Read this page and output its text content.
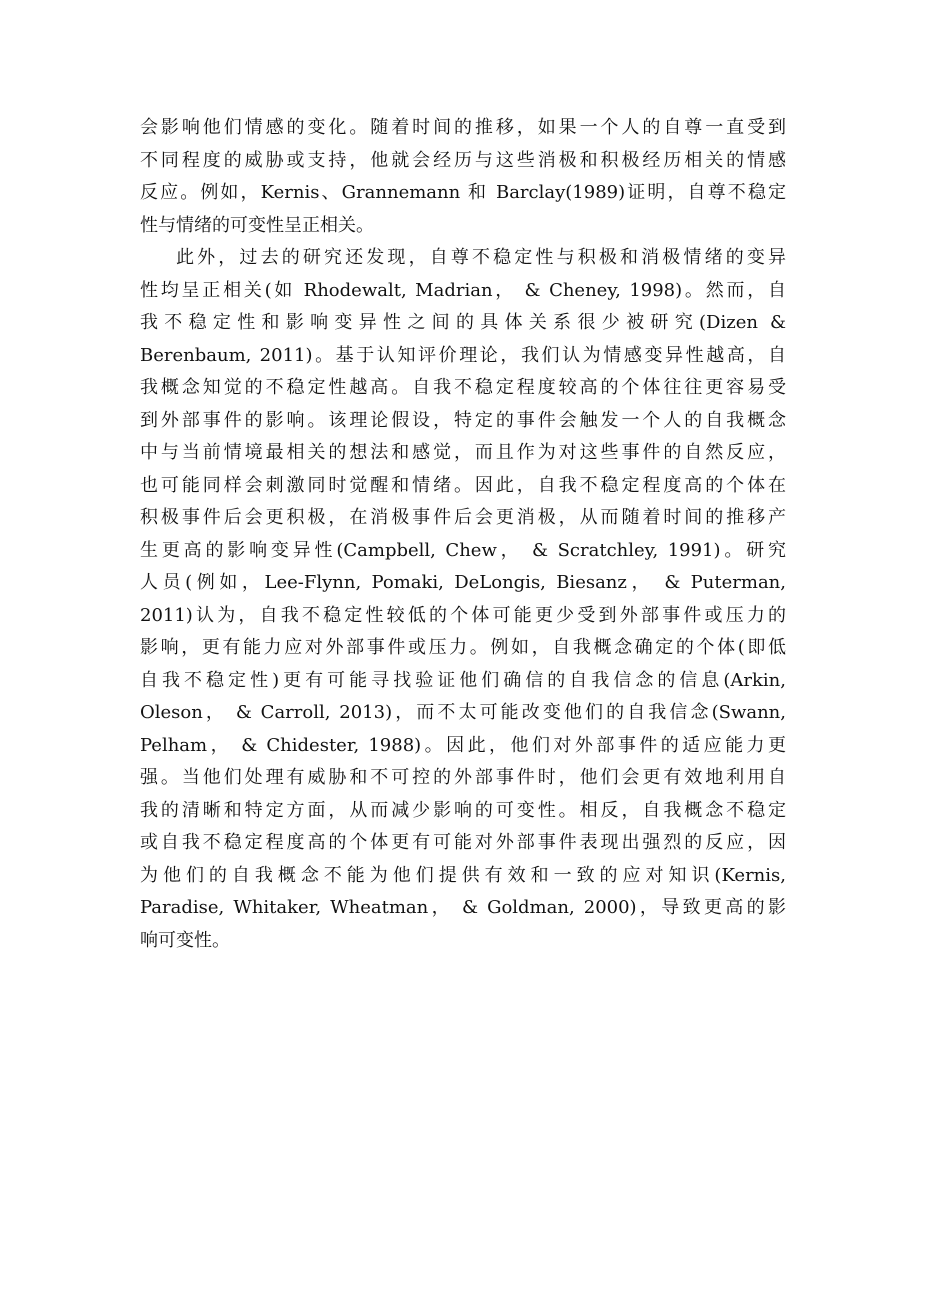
会影响他们情感的变化。随着时间的推移，如果一个人的自尊一直受到
不同程度的威胁或支持，他就会经历与这些消极和积极经历相关的情感
反应。例如，Kernis、Grannemann 和 Barclay(1989)证明，自尊不稳定
性与情绪的可变性呈正相关。
此外，过去的研究还发现，自尊不稳定性与积极和消极情绪的变异
性均呈正相关(如 Rhodewalt, Madrian， & Cheney, 1998)。然而，自
我不稳定性和影响变异性之间的具体关系很少被研究(Dizen &
Berenbaum, 2011)。基于认知评价理论，我们认为情感变异性越高，自
我概念知觉的不稳定性越高。自我不稳定程度较高的个体往往更容易受
到外部事件的影响。该理论假设，特定的事件会触发一个人的自我概念
中与当前情境最相关的想法和感觉，而且作为对这些事件的自然反应，
也可能同样会刺激同时觉醒和情绪。因此，自我不稳定程度高的个体在
积极事件后会更积极，在消极事件后会更消极，从而随着时间的推移产
生更高的影响变异性(Campbell, Chew， & Scratchley, 1991)。研究
人员(例如，Lee-Flynn, Pomaki, DeLongis, Biesanz， & Puterman,
2011)认为，自我不稳定性较低的个体可能更少受到外部事件或压力的
影响，更有能力应对外部事件或压力。例如，自我概念确定的个体(即低
自我不稳定性)更有可能寻找验证他们确信的自我信念的信息(Arkin,
Oleson， & Carroll, 2013)，而不太可能改变他们的自我信念(Swann,
Pelham， & Chidester, 1988)。因此，他们对外部事件的适应能力更
强。当他们处理有威胁和不可控的外部事件时，他们会更有效地利用自
我的清晰和特定方面，从而减少影响的可变性。相反，自我概念不稳定
或自我不稳定程度高的个体更有可能对外部事件表现出强烈的反应，因
为他们的自我概念不能为他们提供有效和一致的应对知识(Kernis,
Paradise, Whitaker, Wheatman， & Goldman, 2000)，导致更高的影
响可变性。
